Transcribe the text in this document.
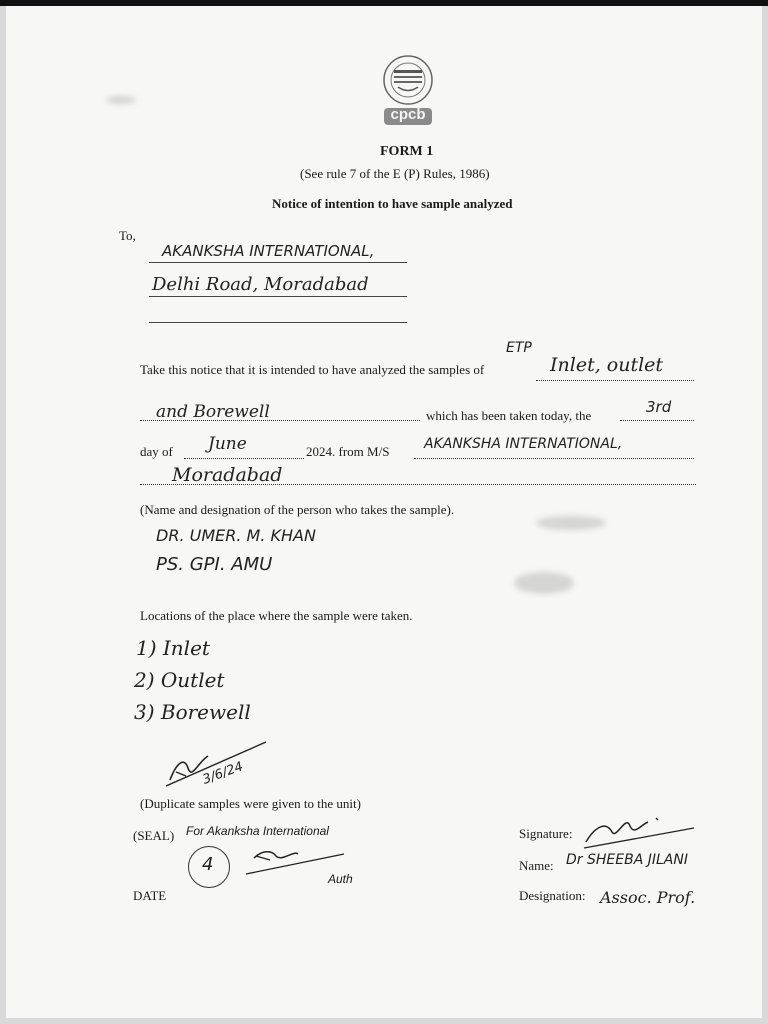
cpcb
FORM 1
(See rule 7 of the E (P) Rules, 1986)
Notice of intention to have sample analyzed
To,
AKANKSHA INTERNATIONAL,
Delhi Road, Moradabad
ETP
Take this notice that it is intended to have analyzed the samples of	Inlet, outlet
and Borewell	which has been taken today, the	3rd
day of June	2024. from M/S AKANKSHA INTERNATIONAL,
Moradabad
(Name and designation of the person who takes the sample).
DR. UMER. M. KHAN
PS. GPI. AMU
Locations of the place where the sample were taken.
1) Inlet
2) Outlet
3) Borewell
3/6/24
(Duplicate samples were given to the unit)
(SEAL) For Akanksha International
4
Auth
DATE
Signature:
Name: Dr SHEEBA JILANI
Designation: Assoc. Prof.
